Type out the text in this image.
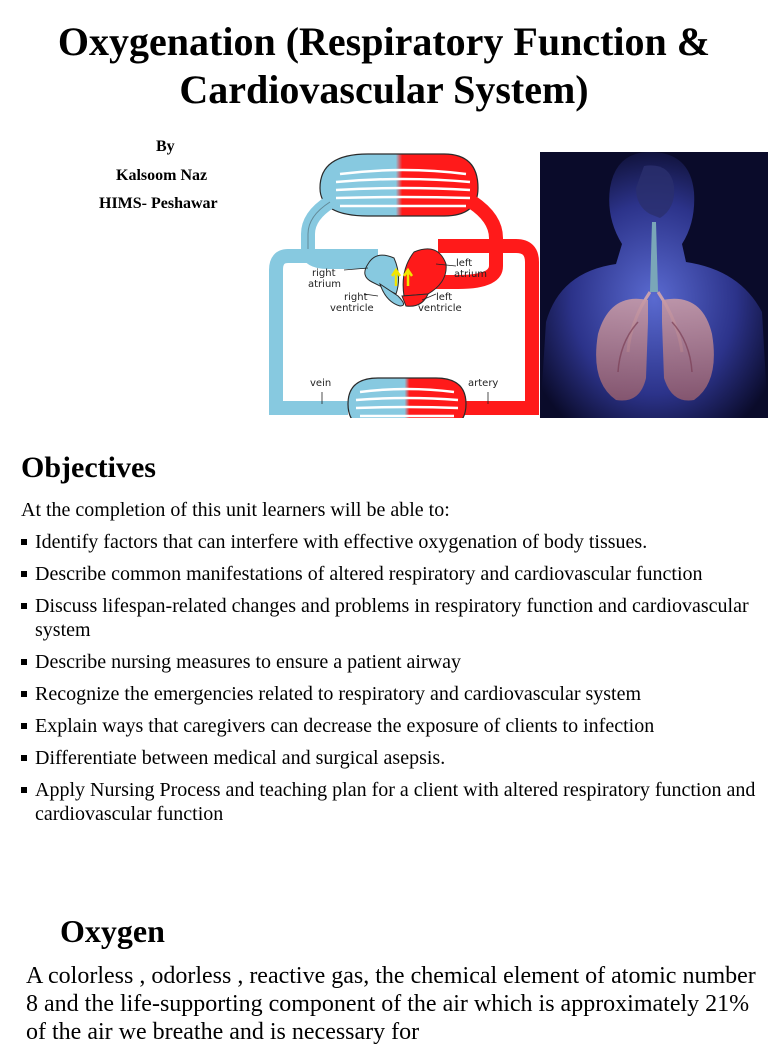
Oxygenation (Respiratory Function & Cardiovascular System)

By

Kalsoom Naz

HIMS- Peshawar

right
atrium
left
atrium
right
ventricle
left
ventricle
vein	artery
Objectives

At the completion of this unit learners will be able to:

Identify factors that can interfere with effective oxygenation of body tissues.
Describe common manifestations of altered respiratory and cardiovascular function
Discuss lifespan-related changes and problems in respiratory function and cardiovascular system
Describe nursing measures to ensure a patient airway
Recognize the emergencies related to respiratory and cardiovascular system
Explain ways that caregivers can decrease the exposure of clients to infection
Differentiate between medical and surgical asepsis.
Apply Nursing Process and teaching plan for a client with altered respiratory function and cardiovascular function
Oxygen

A colorless , odorless , reactive gas, the chemical element of atomic number 8 and the life-supporting component of the air which is approximately 21% of the air we breathe and is necessary for
